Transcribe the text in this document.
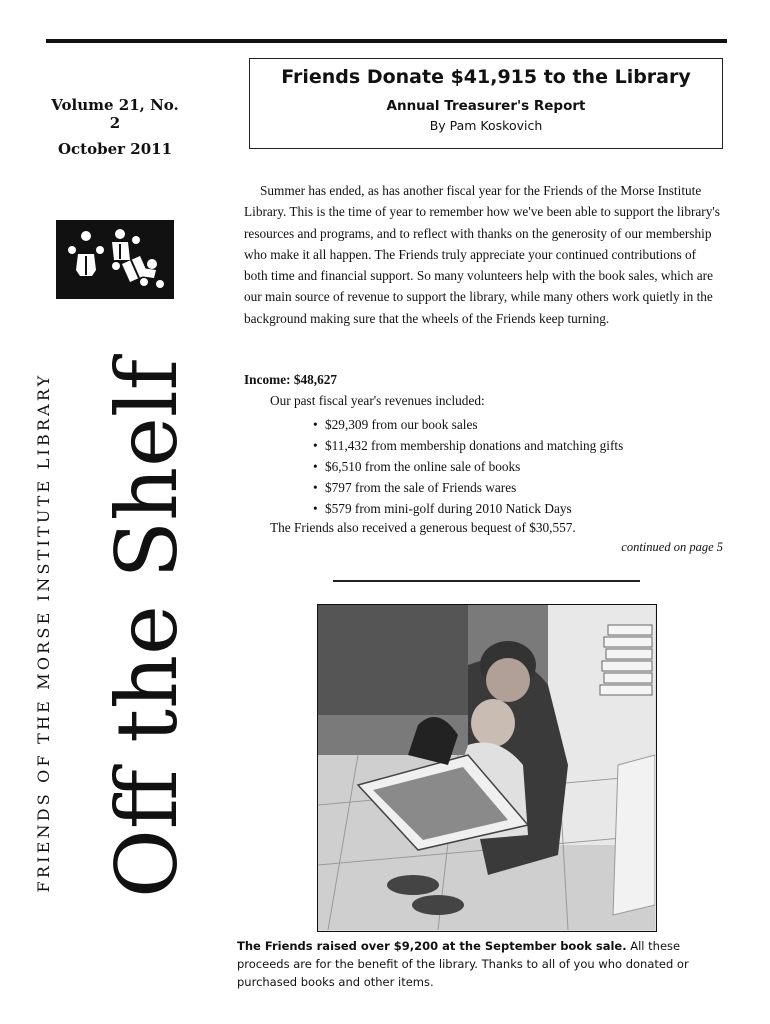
Volume 21, No. 2
October 2011
FRIENDS OF THE MORSE INSTITUTE LIBRARY Off the Shelf
Friends Donate $41,915 to the Library
Annual Treasurer's Report
By Pam Koskovich

Summer has ended, as has another fiscal year for the Friends of the Morse Institute Library. This is the time of year to remember how we've been able to support the library's resources and programs, and to reflect with thanks on the generosity of our membership who make it all happen. The Friends truly appreciate your continued contributions of both time and financial support. So many volunteers help with the book sales, which are our main source of revenue to support the library, while many others work quietly in the background making sure that the wheels of the Friends keep turning.

Income: $48,627
Our past fiscal year's revenues included:
• $29,309 from our book sales
• $11,432 from membership donations and matching gifts
• $6,510 from the online sale of books
• $797 from the sale of Friends wares
• $579 from mini-golf during 2010 Natick Days
The Friends also received a generous bequest of $30,557.
continued on page 5
The Friends raised over $9,200 at the September book sale. All these proceeds are for the benefit of the library. Thanks to all of you who donated or purchased books and other items.
